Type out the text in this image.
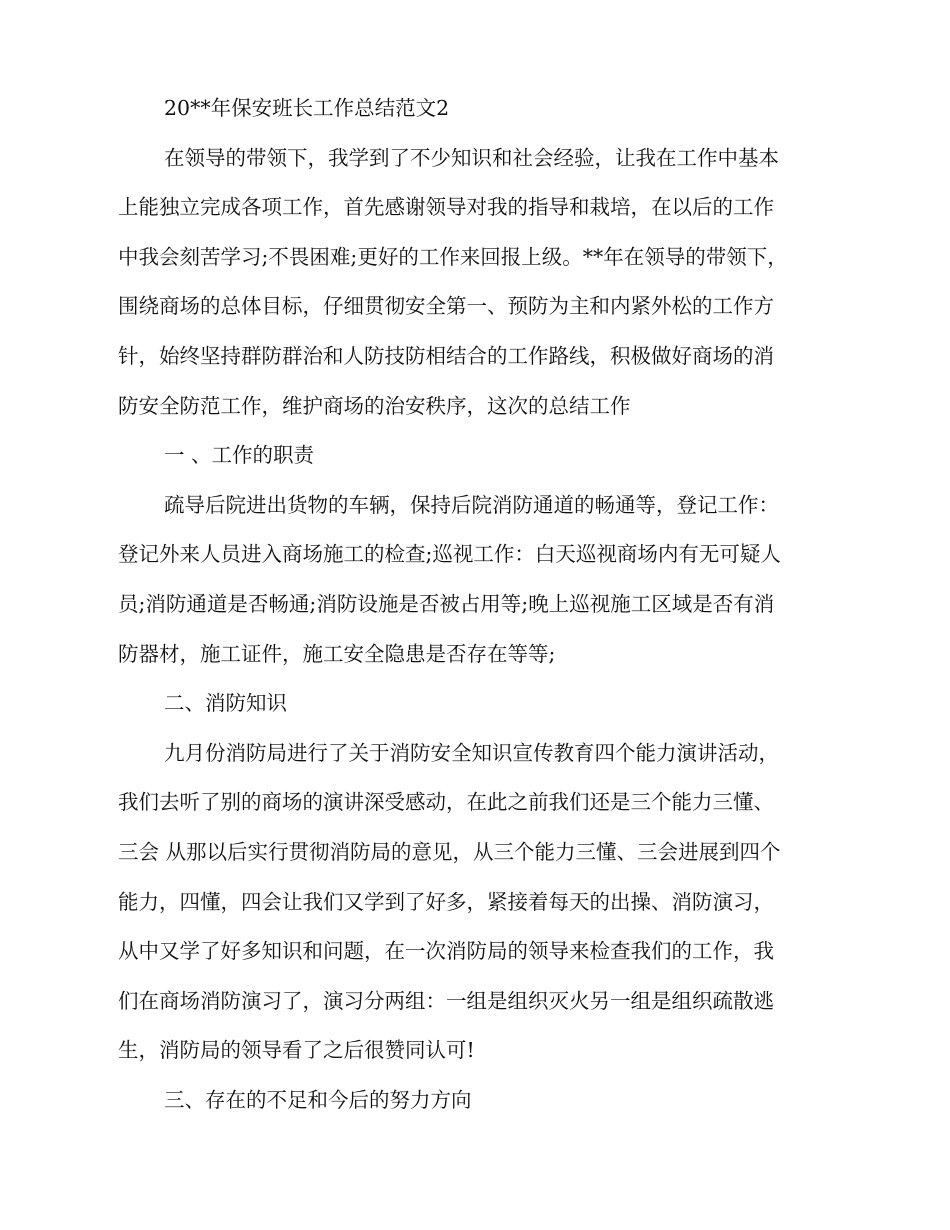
20**年保安班长工作总结范文2
在领导的带领下，我学到了不少知识和社会经验，让我在工作中基本
上能独立完成各项工作，首先感谢领导对我的指导和栽培，在以后的工作
中我会刻苦学习;不畏困难;更好的工作来回报上级。**年在领导的带领下，
围绕商场的总体目标，仔细贯彻安全第一、预防为主和内紧外松的工作方
针，始终坚持群防群治和人防技防相结合的工作路线，积极做好商场的消
防安全防范工作，维护商场的治安秩序，这次的总结工作
一 、工作的职责
疏导后院进出货物的车辆，保持后院消防通道的畅通等，登记工作：
登记外来人员进入商场施工的检查;巡视工作：白天巡视商场内有无可疑人
员;消防通道是否畅通;消防设施是否被占用等;晚上巡视施工区域是否有消
防器材，施工证件，施工安全隐患是否存在等等;
二、消防知识
九月份消防局进行了关于消防安全知识宣传教育四个能力演讲活动，
我们去听了别的商场的演讲深受感动，在此之前我们还是三个能力三懂、
三会 从那以后实行贯彻消防局的意见，从三个能力三懂、三会进展到四个
能力，四懂，四会让我们又学到了好多，紧接着每天的出操、消防演习，
从中又学了好多知识和问题，在一次消防局的领导来检查我们的工作，我
们在商场消防演习了，演习分两组：一组是组织灭火另一组是组织疏散逃
生，消防局的领导看了之后很赞同认可!
三、存在的不足和今后的努力方向
